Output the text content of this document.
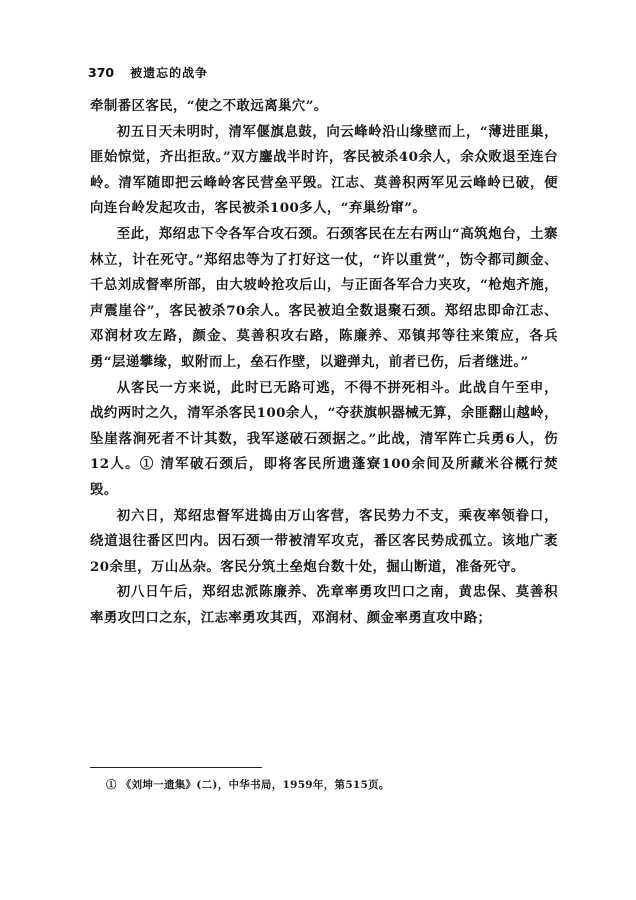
370 被遗忘的战争

牵制番区客民，“使之不敢远离巢穴”。

初五日天未明时，清军偃旗息鼓，向云峰岭沿山缘壁而上，“薄进匪巢，匪始惊觉，齐出拒敌。”双方鏖战半时许，客民被杀40余人，余众败退至连台岭。清军随即把云峰岭客民营垒平毁。江志、莫善积两军见云峰岭已破，便向连台岭发起攻击，客民被杀100多人，“弃巢纷窜”。

至此，郑绍忠下令各军合攻石颈。石颈客民在左右两山“高筑炮台，土寨林立，计在死守。”郑绍忠等为了打好这一仗，“许以重赏”，饬令都司颜金、千总刘成督率所部，由大坡岭抢攻后山，与正面各军合力夹攻，“枪炮齐施，声震崖谷”，客民被杀70余人。客民被迫全数退聚石颈。郑绍忠即命江志、邓润材攻左路，颜金、莫善积攻右路，陈廉养、邓镇邦等往来策应，各兵勇“层递攀缘，蚁附而上，垒石作壁，以避弹丸，前者已伤，后者继进。”

从客民一方来说，此时已无路可逃，不得不拼死相斗。此战自午至申，战约两时之久，清军杀客民100余人，“夺获旗帜器械无算，余匪翻山越岭，坠崖落涧死者不计其数，我军遂破石颈据之。”此战，清军阵亡兵勇6人，伤12人。① 清军破石颈后，即将客民所遗蓬寮100余间及所藏米谷概行焚毁。

初六日，郑绍忠督军进捣由万山客营，客民势力不支，乘夜率领眷口，绕道退往番区凹内。因石颈一带被清军攻克，番区客民势成孤立。该地广袤20余里，万山丛杂。客民分筑土垒炮台数十处，掘山断道，准备死守。

初八日午后，郑绍忠派陈廉养、冼章率勇攻凹口之南，黄忠保、莫善积率勇攻凹口之东，江志率勇攻其西，邓润材、颜金率勇直攻中路；

① 《刘坤一遗集》(二)，中华书局，1959年，第515页。
